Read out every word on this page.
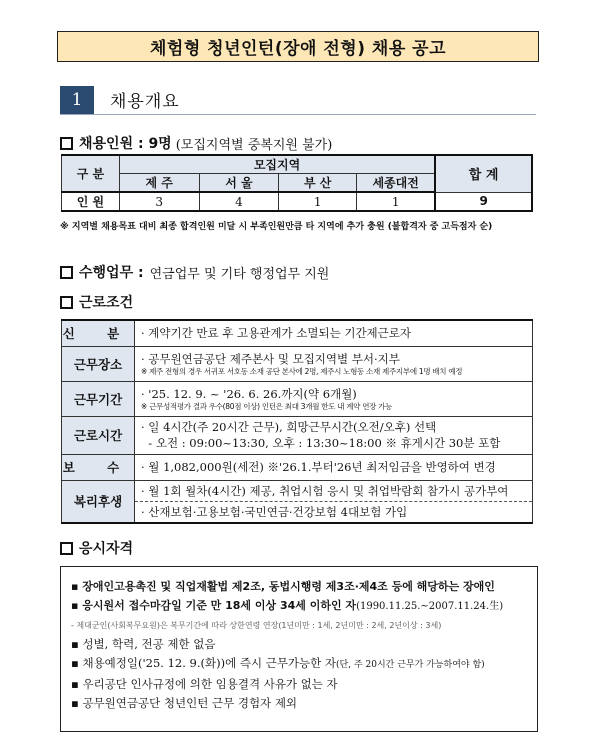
체험형 청년인턴(장애 전형) 채용 공고
1	채용개요
채용인원 : 9명 (모집지역별 중복지원 불가)
구 분	모집지역				합 계
	제 주	서 울	부 산	세종대전	
인 원	3	4	1	1	9
※ 지역별 채용목표 대비 최종 합격인원 미달 시 부족인원만큼 타 지역에 추가 충원 (불합격자 중 고득점자 순)
수행업무 : 연금업무 및 기타 행정업무 지원
근로조건
신 분	· 계약기간 만료 후 고용관계가 소멸되는 기간제근로자
근무장소	· 공무원연금공단 제주본사 및 모집지역별 부서·지부
※ 제주 전형의 경우 서귀포 서호동 소재 공단 본사에 2명, 제주시 노형동 소재 제주지부에 1명 배치 예정

근무기간	· '25. 12. 9. ~ '26. 6. 26.까지(약 6개월)
※ 근무성적평가 결과 우수(80점 이상) 인턴은 최대 3개월 한도 내 계약 연장 가능

근로시간	· 일 4시간(주 20시간 근무), 희망근무시간(오전/오후) 선택
- 오전 : 09:00~13:30, 오후 : 13:30~18:00 ※ 휴게시간 30분 포함

보 수	· 월 1,082,000원(세전) ※'26.1.부터'26년 최저임금을 반영하여 변경
복리후생	· 월 1회 월차(4시간) 제공, 취업시험 응시 및 취업박람회 참가시 공가부여
· 산재보험·고용보험·국민연금·건강보험 4대보험 가입
응시자격
▪ 장애인고용촉진 및 직업재활법 제2조, 동법시행령 제3조·제4조 등에 해당하는 장애인
▪ 응시원서 접수마감일 기준 만 18세 이상 34세 이하인 자(1990.11.25.~2007.11.24.生)
- 제대군인(사회복무요원)은 복무기간에 따라 상한연령 연장(1년미만 : 1세, 2년미만 : 2세, 2년이상 : 3세)
▪ 성별, 학력, 전공 제한 없음
▪ 채용예정일('25. 12. 9.(화))에 즉시 근무가능한 자(단, 주 20시간 근무가 가능하여야 함)
▪ 우리공단 인사규정에 의한 임용결격 사유가 없는 자
▪ 공무원연금공단 청년인턴 근무 경험자 제외
